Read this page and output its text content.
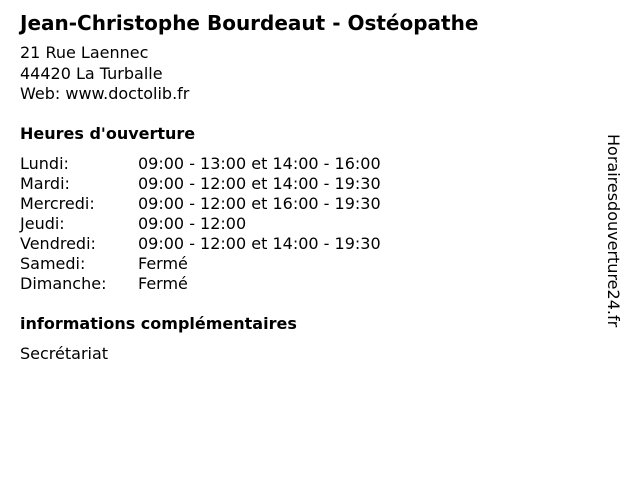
Jean-Christophe Bourdeaut - Ostéopathe
21 Rue Laennec
44420 La Turballe
Web: www.doctolib.fr
Heures d'ouverture
Lundi:	09:00 - 13:00 et 14:00 - 16:00
Mardi:	09:00 - 12:00 et 14:00 - 19:30
Mercredi:	09:00 - 12:00 et 16:00 - 19:30
Jeudi:	09:00 - 12:00
Vendredi:	09:00 - 12:00 et 14:00 - 19:30
Samedi:	Fermé
Dimanche: Fermé
informations complémentaires
Secrétariat
Horairesdouverture24.fr
